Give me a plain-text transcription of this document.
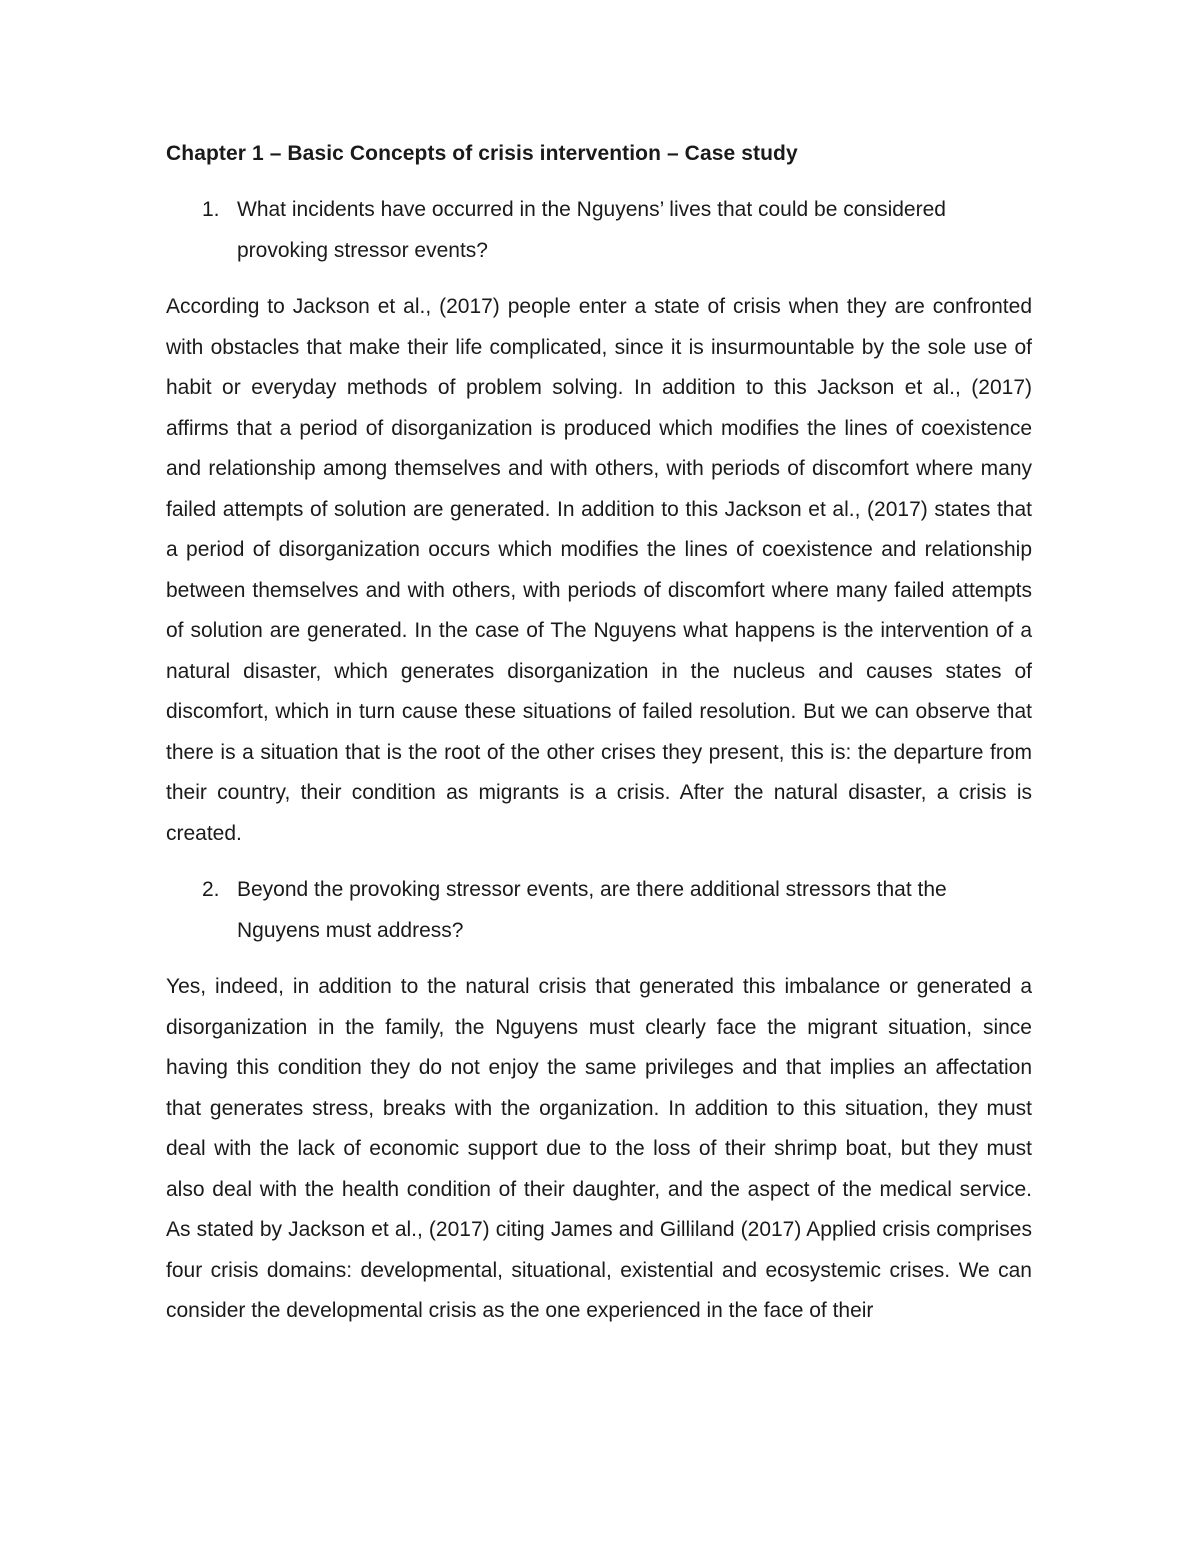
Chapter 1 – Basic Concepts of crisis intervention – Case study
1. What incidents have occurred in the Nguyens’ lives that could be considered provoking stressor events?

According to Jackson et al., (2017) people enter a state of crisis when they are confronted with obstacles that make their life complicated, since it is insurmountable by the sole use of habit or everyday methods of problem solving. In addition to this Jackson et al., (2017) affirms that a period of disorganization is produced which modifies the lines of coexistence and relationship among themselves and with others, with periods of discomfort where many failed attempts of solution are generated. In addition to this Jackson et al., (2017) states that a period of disorganization occurs which modifies the lines of coexistence and relationship between themselves and with others, with periods of discomfort where many failed attempts of solution are generated. In the case of The Nguyens what happens is the intervention of a natural disaster, which generates disorganization in the nucleus and causes states of discomfort, which in turn cause these situations of failed resolution. But we can observe that there is a situation that is the root of the other crises they present, this is: the departure from their country, their condition as migrants is a crisis. After the natural disaster, a crisis is created.

2. Beyond the provoking stressor events, are there additional stressors that the Nguyens must address?

Yes, indeed, in addition to the natural crisis that generated this imbalance or generated a disorganization in the family, the Nguyens must clearly face the migrant situation, since having this condition they do not enjoy the same privileges and that implies an affectation that generates stress, breaks with the organization. In addition to this situation, they must deal with the lack of economic support due to the loss of their shrimp boat, but they must also deal with the health condition of their daughter, and the aspect of the medical service. As stated by Jackson et al., (2017) citing James and Gilliland (2017) Applied crisis comprises four crisis domains: developmental, situational, existential and ecosystemic crises. We can consider the developmental crisis as the one experienced in the face of their
